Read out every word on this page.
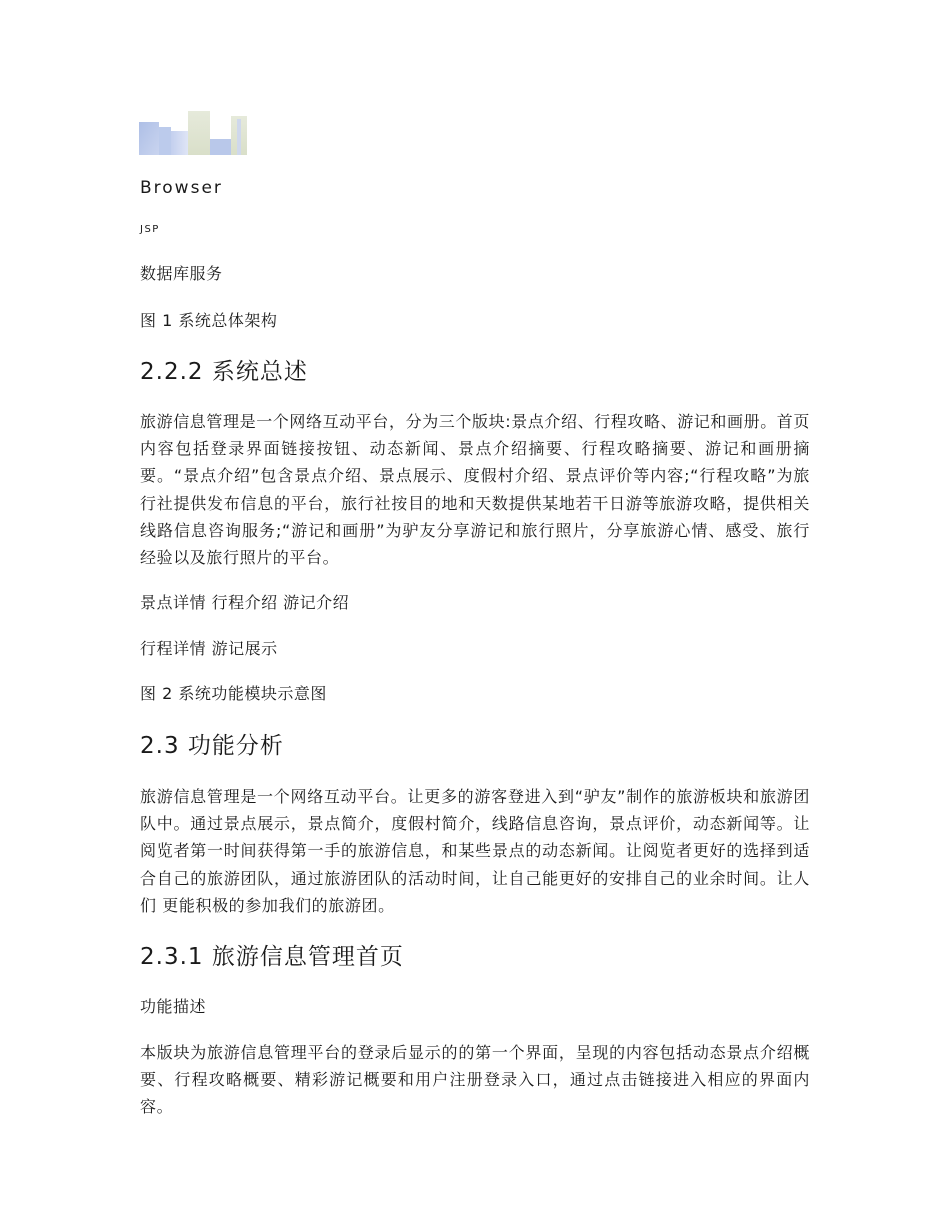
Browser
JSP
数据库服务
图 1 系统总体架构
2.2.2 系统总述

旅游信息管理是一个网络互动平台，分为三个版块:景点介绍、行程攻略、游记和画册。首页内容包括登录界面链接按钮、动态新闻、景点介绍摘要、行程攻略摘要、游记和画册摘要。“景点介绍”包含景点介绍、景点展示、度假村介绍、景点评价等内容;“行程攻略”为旅行社提供发布信息的平台，旅行社按目的地和天数提供某地若干日游等旅游攻略，提供相关线路信息咨询服务;“游记和画册”为驴友分享游记和旅行照片，分享旅游心情、感受、旅行经验以及旅行照片的平台。

景点详情 行程介绍 游记介绍
行程详情 游记展示
图 2 系统功能模块示意图
2.3 功能分析

旅游信息管理是一个网络互动平台。让更多的游客登进入到“驴友”制作的旅游板块和旅游团队中。通过景点展示，景点简介，度假村简介，线路信息咨询，景点评价，动态新闻等。让阅览者第一时间获得第一手的旅游信息，和某些景点的动态新闻。让阅览者更好的选择到适合自己的旅游团队，通过旅游团队的活动时间，让自己能更好的安排自己的业余时间。让人们 更能积极的参加我们的旅游团。

2.3.1 旅游信息管理首页
功能描述

本版块为旅游信息管理平台的登录后显示的的第一个界面，呈现的内容包括动态景点介绍概要、行程攻略概要、精彩游记概要和用户注册登录入口，通过点击链接进入相应的界面内容。
